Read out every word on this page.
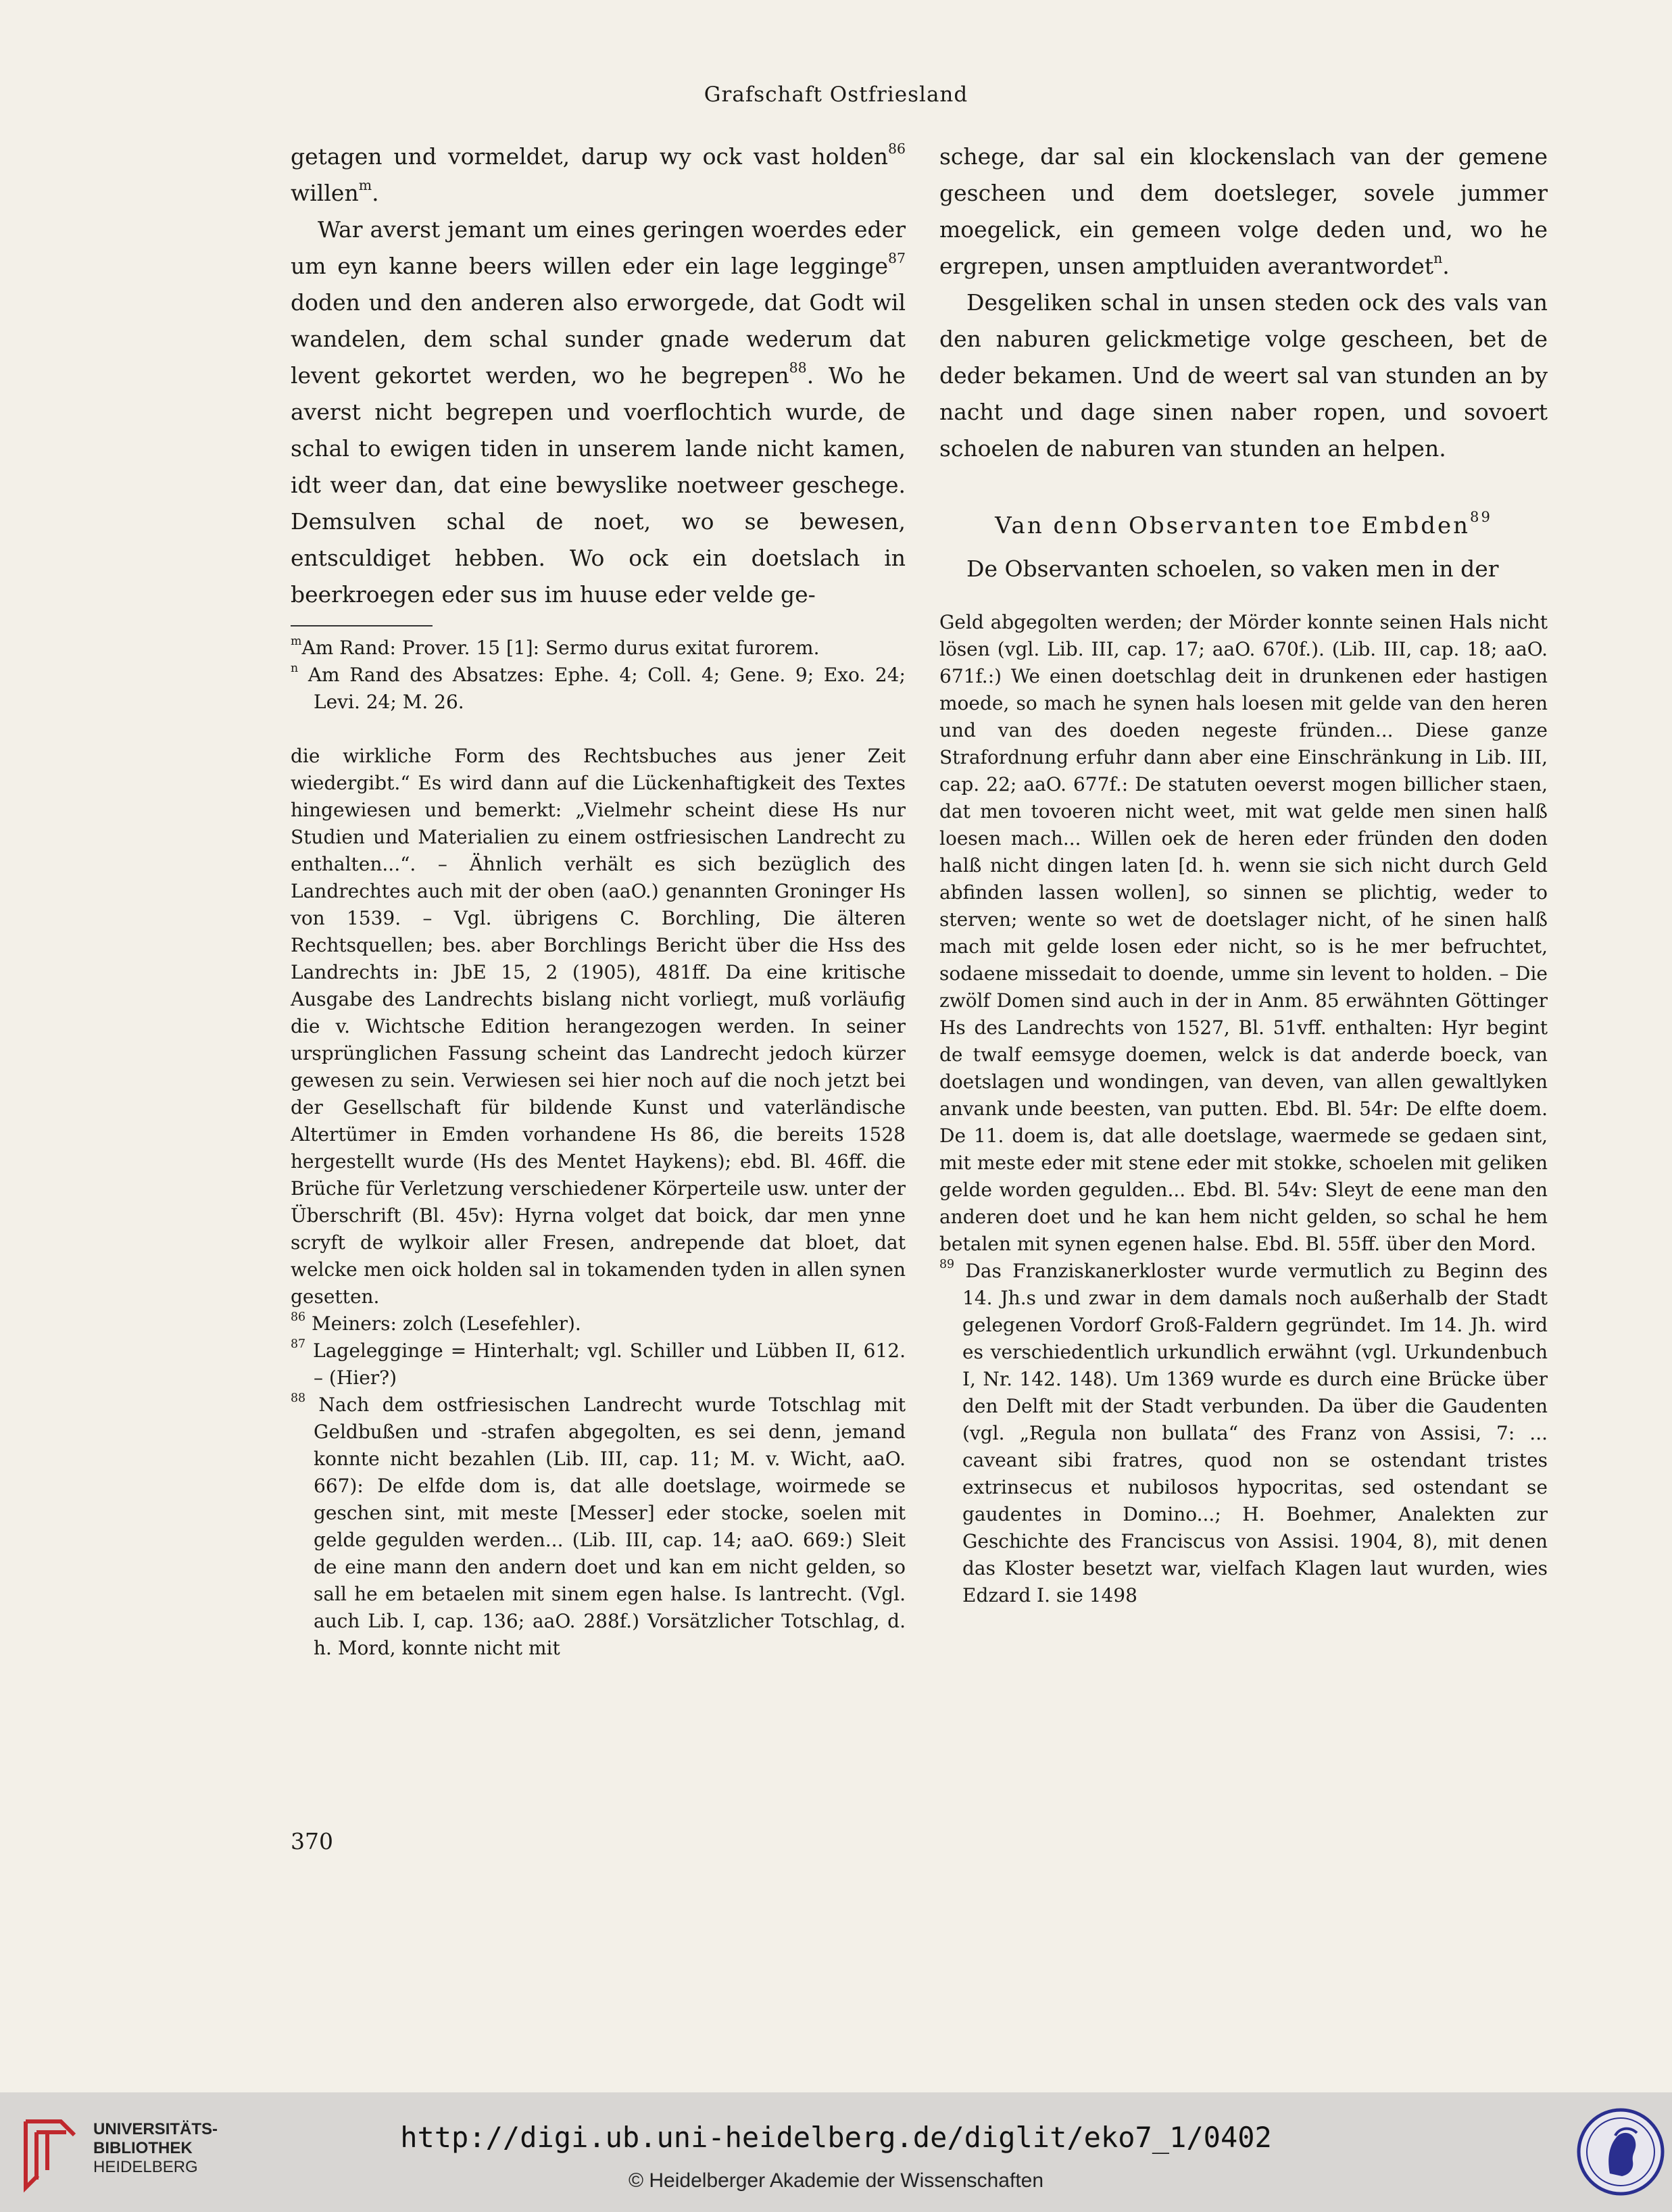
Grafschaft Ostfriesland

getagen und vormeldet, darup wy ock vast holden$^{86}$ willen$^m$.

War averst jemant um eines geringen woerdes eder um eyn kanne beers willen eder ein lage legginge$^{87}$ doden und den anderen also erworgede, dat Godt wil wandelen, dem schal sunder gnade wederum dat levent gekortet werden, wo he begrepen$^{88}$. Wo he averst nicht begrepen und voerflochtich wurde, de schal to ewigen tiden in unserem lande nicht kamen, idt weer dan, dat eine bewyslike noetweer geschege. Demsulven schal de noet, wo se bewesen, entsculdiget hebben. Wo ock ein doetslach in beerkroegen eder sus im huuse eder velde ge-

$^m$Am Rand: Prover. 15 [1]: Sermo durus exitat furorem.
$^n$ Am Rand des Absatzes: Ephe. 4; Coll. 4; Gene. 9; Exo. 24; Levi. 24; M. 26.

die wirkliche Form des Rechtsbuches aus jener Zeit wiedergibt.“ Es wird dann auf die Lückenhaftigkeit des Textes hingewiesen und bemerkt: „Vielmehr scheint diese Hs nur Studien und Materialien zu einem ostfriesischen Landrecht zu enthalten...“. – Ähnlich verhält es sich bezüglich des Landrechtes auch mit der oben (aaO.) genannten Groninger Hs von 1539. – Vgl. übrigens C. Borchling, Die älteren Rechtsquellen; bes. aber Borchlings Bericht über die Hss des Landrechts in: JbE 15, 2 (1905), 481ff. Da eine kritische Ausgabe des Landrechts bislang nicht vorliegt, muß vorläufig die v. Wichtsche Edition herangezogen werden. In seiner ursprünglichen Fassung scheint das Landrecht jedoch kürzer gewesen zu sein. Verwiesen sei hier noch auf die noch jetzt bei der Gesellschaft für bildende Kunst und vaterländische Altertümer in Emden vorhandene Hs 86, die bereits 1528 hergestellt wurde (Hs des Mentet Haykens); ebd. Bl. 46ff. die Brüche für Verletzung verschiedener Körperteile usw. unter der Überschrift (Bl. 45v): Hyrna volget dat boick, dar men ynne scryft de wylkoir aller Fresen, andrepende dat bloet, dat welcke men oick holden sal in tokamenden tyden in allen synen gesetten.

$^{86}$ Meiners: zolch (Lesefehler).
$^{87}$ Lagelegginge = Hinterhalt; vgl. Schiller und Lübben II, 612. – (Hier?)
$^{88}$ Nach dem ostfriesischen Landrecht wurde Totschlag mit Geldbußen und -strafen abgegolten, es sei denn, jemand konnte nicht bezahlen (Lib. III, cap. 11; M. v. Wicht, aaO. 667): De elfde dom is, dat alle doetslage, woirmede se geschen sint, mit meste [Messer] eder stocke, soelen mit gelde gegulden werden... (Lib. III, cap. 14; aaO. 669:) Sleit de eine mann den andern doet und kan em nicht gelden, so sall he em betaelen mit sinem egen halse. Is lantrecht. (Vgl. auch Lib. I, cap. 136; aaO. 288f.) Vorsätzlicher Totschlag, d. h. Mord, konnte nicht mit

schege, dar sal ein klockenslach van der gemene gescheen und dem doetsleger, sovele jummer moegelick, ein gemeen volge deden und, wo he ergrepen, unsen amptluiden averantwordet$^n$.

Desgeliken schal in unsen steden ock des vals van den naburen gelickmetige volge gescheen, bet de deder bekamen. Und de weert sal van stunden an by nacht und dage sinen naber ropen, und sovoert schoelen de naburen van stunden an helpen.

Van denn Observanten toe Embden$^{89}$

De Observanten schoelen, so vaken men in der

Geld abgegolten werden; der Mörder konnte seinen Hals nicht lösen (vgl. Lib. III, cap. 17; aaO. 670f.). (Lib. III, cap. 18; aaO. 671f.:) We einen doetschlag deit in drunkenen eder hastigen moede, so mach he synen hals loesen mit gelde van den heren und van des doeden negeste fründen... Diese ganze Strafordnung erfuhr dann aber eine Einschränkung in Lib. III, cap. 22; aaO. 677f.: De statuten oeverst mogen billicher staen, dat men tovoeren nicht weet, mit wat gelde men sinen halß loesen mach... Willen oek de heren eder fründen den doden halß nicht dingen laten [d. h. wenn sie sich nicht durch Geld abfinden lassen wollen], so sinnen se plichtig, weder to sterven; wente so wet de doetslager nicht, of he sinen halß mach mit gelde losen eder nicht, so is he mer befruchtet, sodaene missedait to doende, umme sin levent to holden. – Die zwölf Domen sind auch in der in Anm. 85 erwähnten Göttinger Hs des Landrechts von 1527, Bl. 51vff. enthalten: Hyr begint de twalf eemsyge doemen, welck is dat anderde boeck, van doetslagen und wondingen, van deven, van allen gewaltlyken anvank unde beesten, van putten. Ebd. Bl. 54r: De elfte doem. De 11. doem is, dat alle doetslage, waermede se gedaen sint, mit meste eder mit stene eder mit stokke, schoelen mit geliken gelde worden gegulden... Ebd. Bl. 54v: Sleyt de eene man den anderen doet und he kan hem nicht gelden, so schal he hem betalen mit synen egenen halse. Ebd. Bl. 55ff. über den Mord.

$^{89}$ Das Franziskanerkloster wurde vermutlich zu Beginn des 14. Jh.s und zwar in dem damals noch außerhalb der Stadt gelegenen Vordorf Groß-Faldern gegründet. Im 14. Jh. wird es verschiedentlich urkundlich erwähnt (vgl. Urkundenbuch I, Nr. 142. 148). Um 1369 wurde es durch eine Brücke über den Delft mit der Stadt verbunden. Da über die Gaudenten (vgl. „Regula non bullata“ des Franz von Assisi, 7: ... caveant sibi fratres, quod non se ostendant tristes extrinsecus et nubilosos hypocritas, sed ostendant se gaudentes in Domino...; H. Boehmer, Analekten zur Geschichte des Franciscus von Assisi. 1904, 8), mit denen das Kloster besetzt war, vielfach Klagen laut wurden, wies Edzard I. sie 1498
370
UNIVERSITÄTS-
BIBLIOTHEK
HEIDELBERG
http://digi.ub.uni-heidelberg.de/diglit/eko7_1/0402
© Heidelberger Akademie der Wissenschaften
